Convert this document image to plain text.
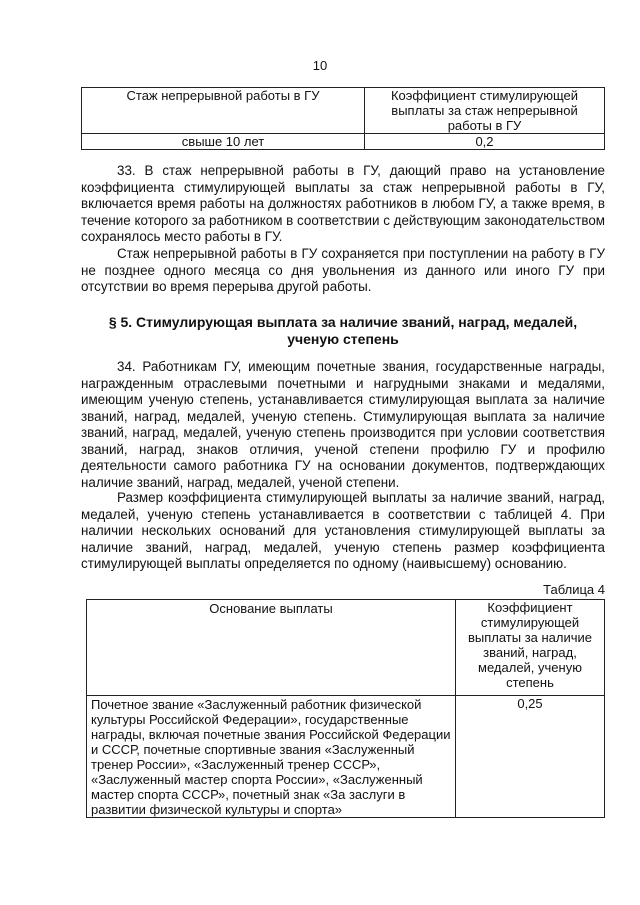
10
Стаж непрерывной работы в ГУ	Коэффициент стимулирующей выплаты за стаж непрерывной работы в ГУ
свыше 10 лет	0,2

33. В стаж непрерывной работы в ГУ, дающий право на установление коэффициента стимулирующей выплаты за стаж непрерывной работы в ГУ, включается время работы на должностях работников в любом ГУ, а также время, в течение которого за работником в соответствии с действующим законодательством сохранялось место работы в ГУ.

Стаж непрерывной работы в ГУ сохраняется при поступлении на работу в ГУ не позднее одного месяца со дня увольнения из данного или иного ГУ при отсутствии во время перерыва другой работы.

§ 5. Стимулирующая выплата за наличие званий, наград, медалей, ученую степень

34. Работникам ГУ, имеющим почетные звания, государственные награды, награжденным отраслевыми почетными и нагрудными знаками и медалями, имеющим ученую степень, устанавливается стимулирующая выплата за наличие званий, наград, медалей, ученую степень. Стимулирующая выплата за наличие званий, наград, медалей, ученую степень производится при условии соответствия званий, наград, знаков отличия, ученой степени профилю ГУ и профилю деятельности самого работника ГУ на основании документов, подтверждающих наличие званий, наград, медалей, ученой степени.

Размер коэффициента стимулирующей выплаты за наличие званий, наград, медалей, ученую степень устанавливается в соответствии с таблицей 4. При наличии нескольких оснований для установления стимулирующей выплаты за наличие званий, наград, медалей, ученую степень размер коэффициента стимулирующей выплаты определяется по одному (наивысшему) основанию.

Таблица 4
Основание выплаты	Коэффициент стимулирующей выплаты за наличие званий, наград, медалей, ученую степень
Почетное звание «Заслуженный работник физической культуры Российской Федерации», государственные награды, включая почетные звания Российской Федерации и СССР, почетные спортивные звания «Заслуженный тренер России», «Заслуженный тренер СССР», «Заслуженный мастер спорта России», «Заслуженный мастер спорта СССР», почетный знак «За заслуги в развитии физической культуры и спорта»	0,25
